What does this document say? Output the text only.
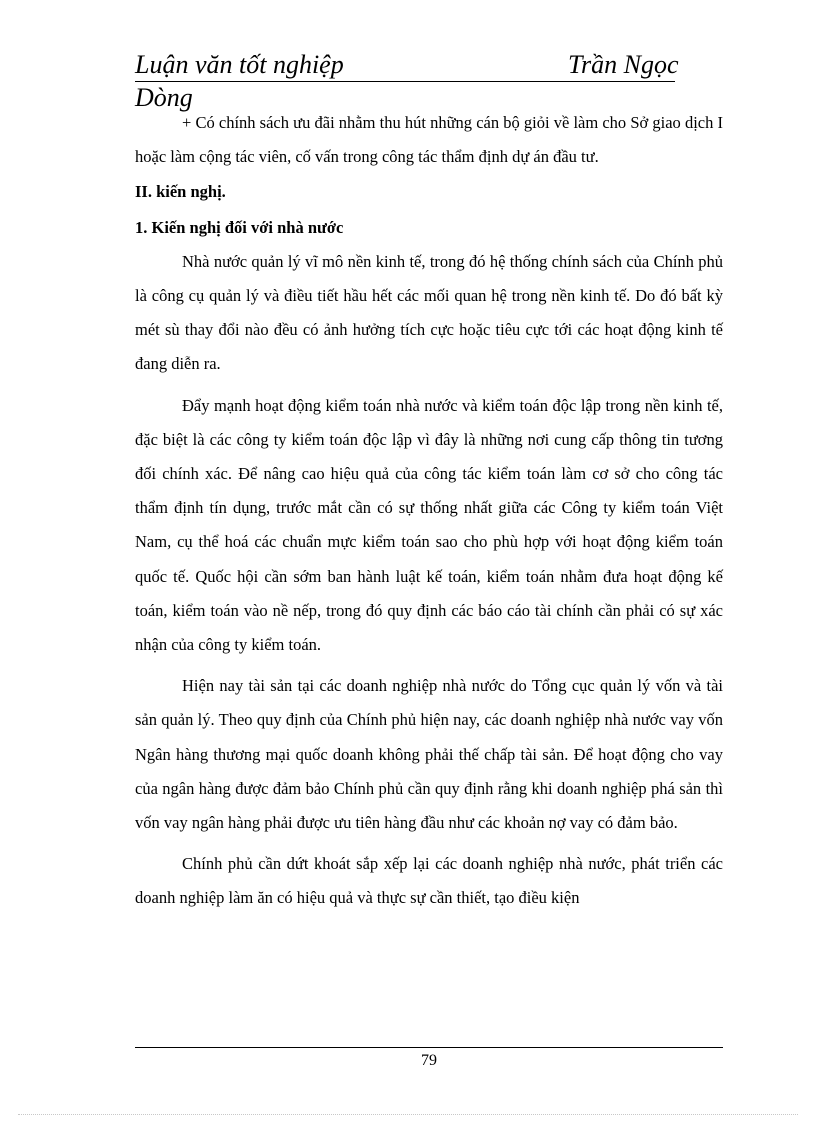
Luận văn tốt nghiệp	Trần Ngọc
Dòng

+ Có chính sách ưu đãi nhằm thu hút những cán bộ giỏi về làm cho Sở giao dịch I hoặc làm cộng tác viên, cố vấn trong công tác thẩm định dự án đầu tư.

II. kiến nghị.

1. Kiến nghị đối với nhà nước

Nhà nước quản lý vĩ mô nền kinh tế, trong đó hệ thống chính sách của Chính phủ là công cụ quản lý và điều tiết hầu hết các mối quan hệ trong nền kinh tế. Do đó bất kỳ mét sù thay đổi nào đều có ảnh hưởng tích cực hoặc tiêu cực tới các hoạt động kinh tế đang diễn ra.

Đẩy mạnh hoạt động kiểm toán nhà nước và kiểm toán độc lập trong nền kinh tế, đặc biệt là các công ty kiểm toán độc lập vì đây là những nơi cung cấp thông tin tương đối chính xác. Để nâng cao hiệu quả của công tác kiểm toán làm cơ sở cho công tác thẩm định tín dụng, trước mắt cần có sự thống nhất giữa các Công ty kiểm toán Việt Nam, cụ thể hoá các chuẩn mực kiểm toán sao cho phù hợp với hoạt động kiểm toán quốc tế. Quốc hội cần sớm ban hành luật kế toán, kiểm toán nhằm đưa hoạt động kế toán, kiểm toán vào nề nếp, trong đó quy định các báo cáo tài chính cần phải có sự xác nhận của công ty kiểm toán.

Hiện nay tài sản tại các doanh nghiệp nhà nước do Tổng cục quản lý vốn và tài sản quản lý. Theo quy định của Chính phủ hiện nay, các doanh nghiệp nhà nước vay vốn Ngân hàng thương mại quốc doanh không phải thế chấp tài sản. Để hoạt động cho vay của ngân hàng được đảm bảo Chính phủ cần quy định rằng khi doanh nghiệp phá sản thì vốn vay ngân hàng phải được ưu tiên hàng đầu như các khoản nợ vay có đảm bảo.

Chính phủ cần dứt khoát sắp xếp lại các doanh nghiệp nhà nước, phát triển các doanh nghiệp làm ăn có hiệu quả và thực sự cần thiết, tạo điều kiện

79
